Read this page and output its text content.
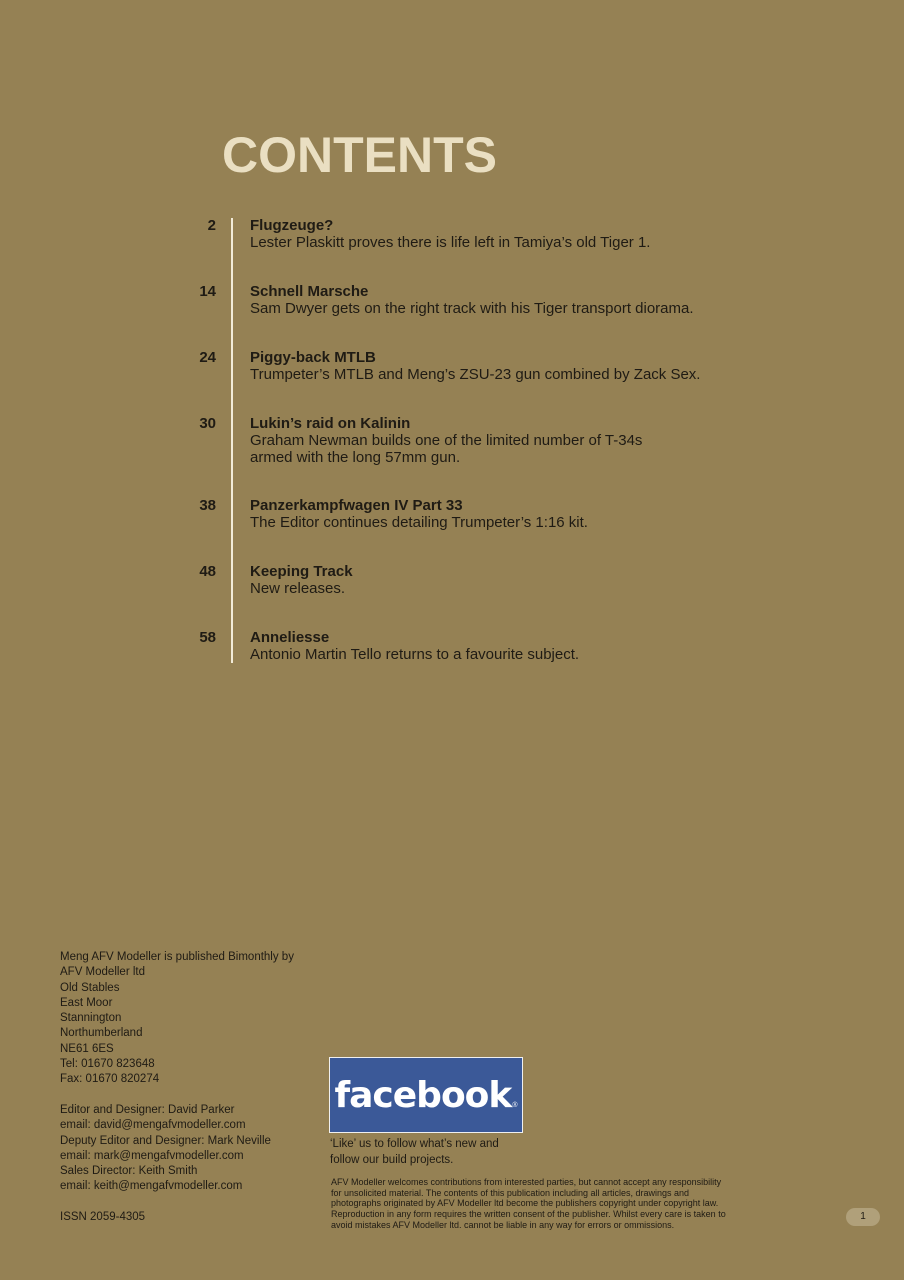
CONTENTS
2 Flugzeuge?
Lester Plaskitt proves there is life left in Tamiya’s old Tiger 1.
14 Schnell Marsche
Sam Dwyer gets on the right track with his Tiger transport diorama.
24 Piggy-back MTLB
Trumpeter’s MTLB and Meng’s ZSU-23 gun combined by Zack Sex.
30 Lukin’s raid on Kalinin
Graham Newman builds one of the limited number of T-34s
armed with the long 57mm gun.
38 Panzerkampfwagen IV Part 33
The Editor continues detailing Trumpeter’s 1:16 kit.
48 Keeping Track
New releases.
58 Anneliesse
Antonio Martin Tello returns to a favourite subject.
Meng AFV Modeller is published Bimonthly by
AFV Modeller ltd
Old Stables
East Moor
Stannington
Northumberland
NE61 6ES
Tel: 01670 823648
Fax: 01670 820274
Editor and Designer: David Parker
email: david@mengafvmodeller.com
Deputy Editor and Designer: Mark Neville
email: mark@mengafvmodeller.com
Sales Director: Keith Smith
email: keith@mengafvmodeller.com
ISSN 2059-4305
facebook ®
‘Like’ us to follow what’s new and
follow our build projects.
AFV Modeller welcomes contributions from interested parties, but cannot accept any responsibility
for unsolicited material. The contents of this publication including all articles, drawings and
photographs originated by AFV Modeller ltd become the publishers copyright under copyright law.
Reproduction in any form requires the written consent of the publisher. Whilst every care is taken to
avoid mistakes AFV Modeller ltd. cannot be liable in any way for errors or ommissions.
1
